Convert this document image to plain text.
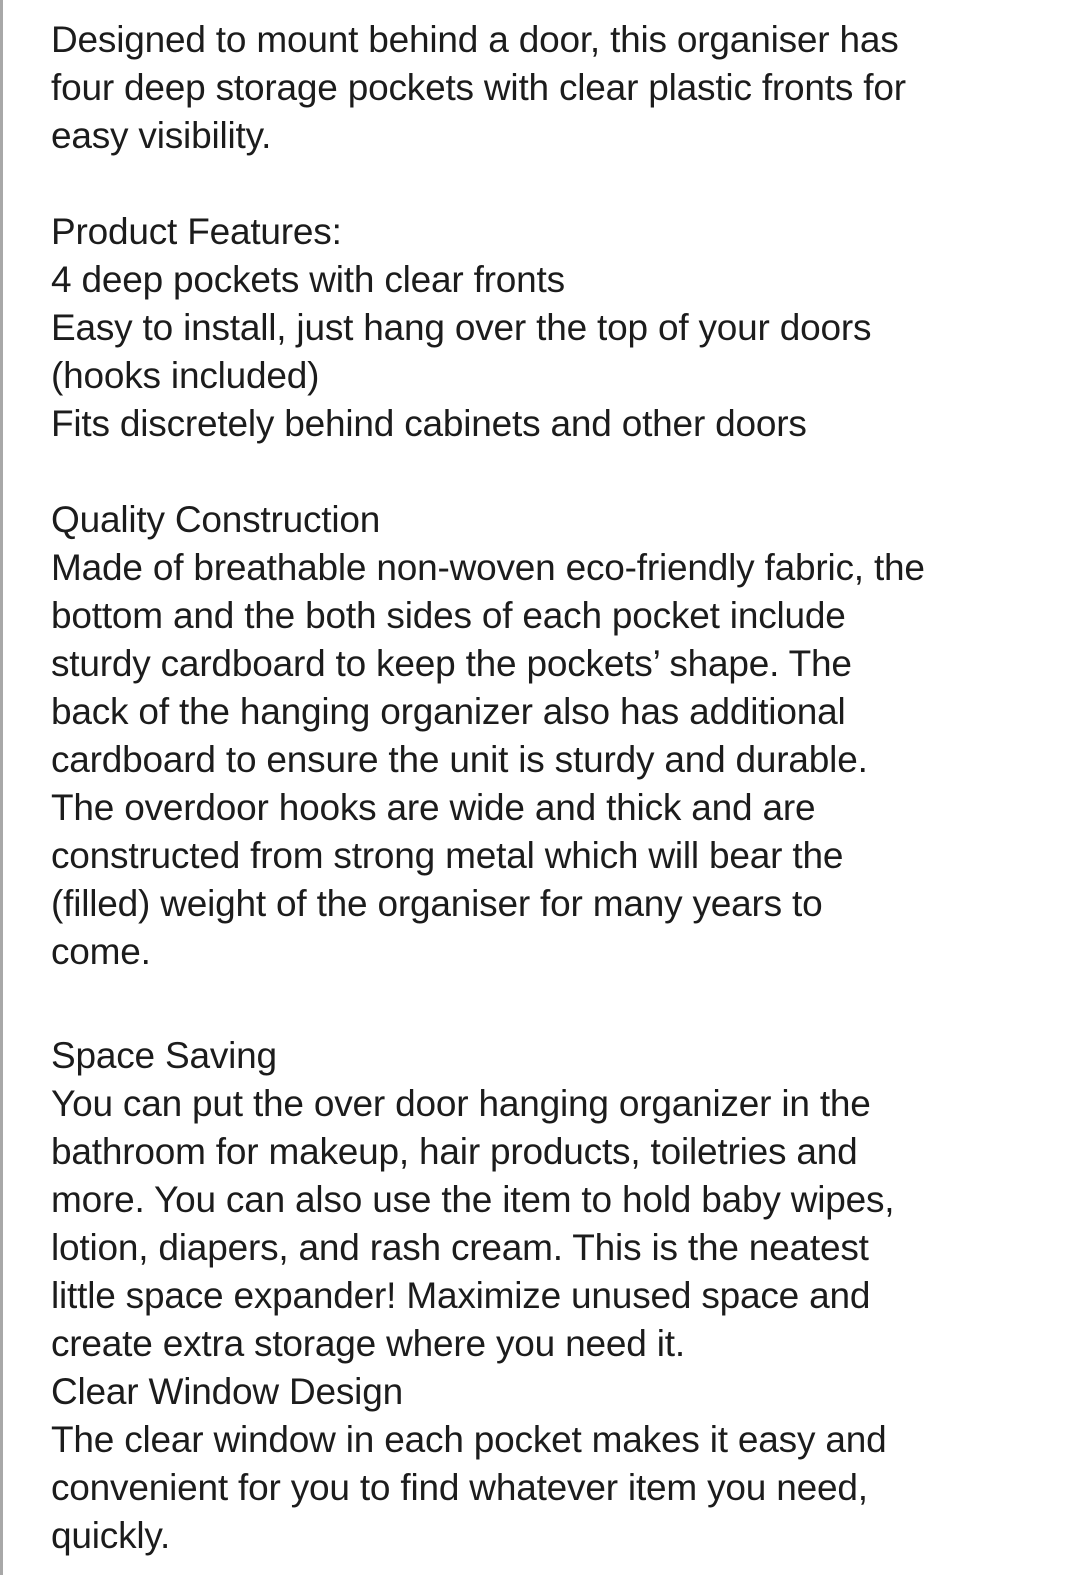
Designed to mount behind a door, this organiser has
four deep storage pockets with clear plastic fronts for
easy visibility.

Product Features:
4 deep pockets with clear fronts
Easy to install, just hang over the top of your doors
(hooks included)
Fits discretely behind cabinets and other doors

Quality Construction
Made of breathable non-woven eco-friendly fabric, the
bottom and the both sides of each pocket include
sturdy cardboard to keep the pockets’ shape. The
back of the hanging organizer also has additional
cardboard to ensure the unit is sturdy and durable.
The overdoor hooks are wide and thick and are
constructed from strong metal which will bear the
(filled) weight of the organiser for many years to
come.

Space Saving
You can put the over door hanging organizer in the
bathroom for makeup, hair products, toiletries and
more. You can also use the item to hold baby wipes,
lotion, diapers, and rash cream. This is the neatest
little space expander! Maximize unused space and
create extra storage where you need it.

Clear Window Design
The clear window in each pocket makes it easy and
convenient for you to find whatever item you need,
quickly.
